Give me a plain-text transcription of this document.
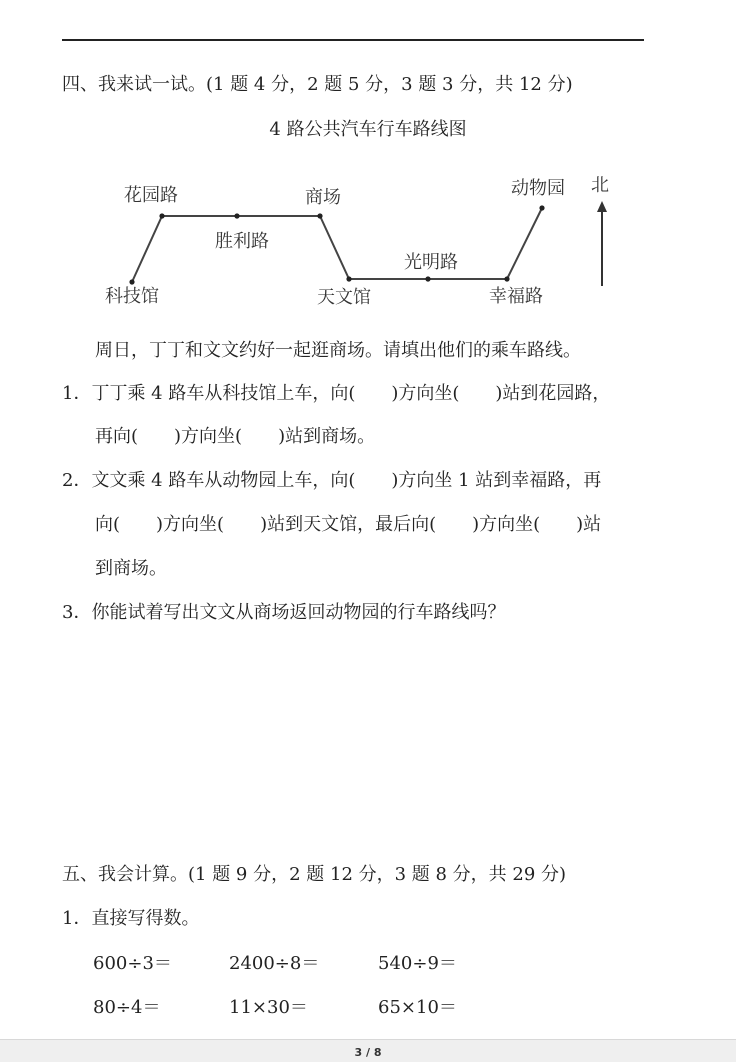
四、我来试一试。(1 题 4 分，2 题 5 分，3 题 3 分，共 12 分)
4 路公共汽车行车路线图
科技馆
花园路
胜利路
商场
天文馆
光明路
幸福路
动物园 北
周日，丁丁和文文约好一起逛商场。请填出他们的乘车路线。
1．丁丁乘 4 路车从科技馆上车，向(　　)方向坐(　　)站到花园路，
再向(　　)方向坐(　　)站到商场。
2．文文乘 4 路车从动物园上车，向(　　)方向坐 1 站到幸福路，再
向(　　)方向坐(　　)站到天文馆，最后向(　　)方向坐(　　)站
到商场。
3．你能试着写出文文从商场返回动物园的行车路线吗？
五、我会计算。(1 题 9 分，2 题 12 分，3 题 8 分，共 29 分)
1．直接写得数。
600÷3＝	2400÷8＝	540÷9＝
80÷4＝	11×30＝	65×10＝
3 / 8
